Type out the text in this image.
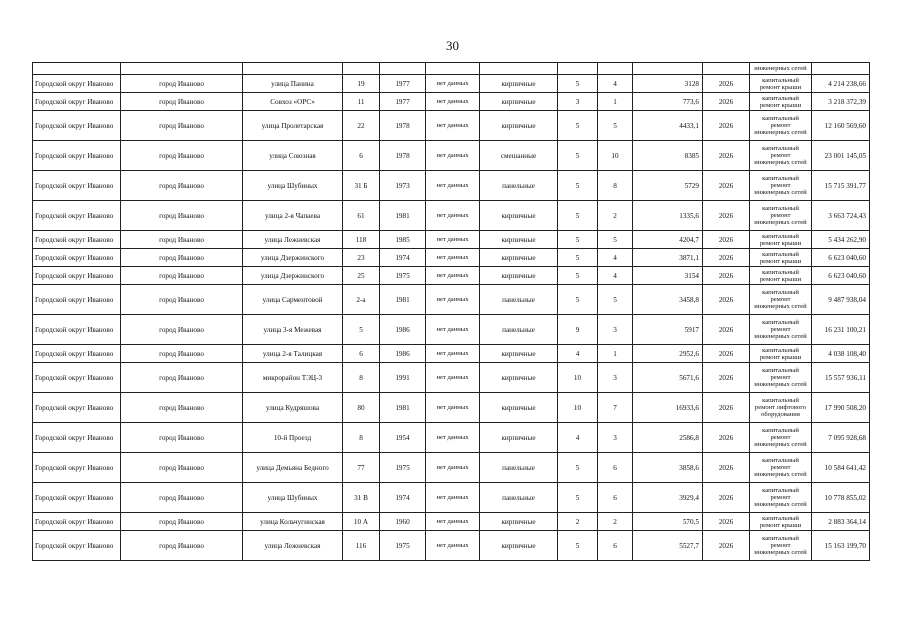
30
											инженерных сетей	
Городской округ Иваново	город Иваново	улица Панина	19	1977	нет данных	кирпичные	5	4	3128	2026	капитальный ремонт крыши	4 214 238,66
Городской округ Иваново	город Иваново	Совхоз «ОРС»	11	1977	нет данных	кирпичные	3	1	773,6	2026	капитальный ремонт крыши	3 218 372,39
Городской округ Иваново	город Иваново	улица Пролетарская	22	1978	нет данных	кирпичные	5	5	4433,1	2026	капитальный ремонт инженерных сетей	12 160 569,60
Городской округ Иваново	город Иваново	улица Союзная	6	1978	нет данных	смешанные	5	10	8385	2026	капитальный ремонт инженерных сетей	23 001 145,05
Городской округ Иваново	город Иваново	улица Шубиных	31 Б	1973	нет данных	панельные	5	8	5729	2026	капитальный ремонт инженерных сетей	15 715 391,77
Городской округ Иваново	город Иваново	улица 2-я Чапаева	61	1981	нет данных	кирпичные	5	2	1335,6	2026	капитальный ремонт инженерных сетей	3 663 724,43
Городской округ Иваново	город Иваново	улица Лежневская	118	1985	нет данных	кирпичные	5	5	4204,7	2026	капитальный ремонт крыши	5 434 262,90
Городской округ Иваново	город Иваново	улица Дзержинского	23	1974	нет данных	кирпичные	5	4	3871,1	2026	капитальный ремонт крыши	6 623 040,60
Городской округ Иваново	город Иваново	улица Дзержинского	25	1975	нет данных	кирпичные	5	4	3154	2026	капитальный ремонт крыши	6 623 040,60
Городской округ Иваново	город Иваново	улица Сарментовой	2-а	1981	нет данных	панельные	5	5	3458,8	2026	капитальный ремонт инженерных сетей	9 487 938,04
Городской округ Иваново	город Иваново	улица 3-я Межевая	5	1986	нет данных	панельные	9	3	5917	2026	капитальный ремонт инженерных сетей	16 231 100,21
Городской округ Иваново	город Иваново	улица 2-я Талицкая	6	1986	нет данных	кирпичные	4	1	2952,6	2026	капитальный ремонт крыши	4 038 108,40
Городской округ Иваново	город Иваново	микрорайон ТЭЦ-3	8	1991	нет данных	кирпичные	10	3	5671,6	2026	капитальный ремонт инженерных сетей	15 557 936,11
Городской округ Иваново	город Иваново	улица Кудряшова	80	1981	нет данных	кирпичные	10	7	16933,6	2026	капитальный ремонт лифтового оборудования	17 990 508,20
Городской округ Иваново	город Иваново	10-й Проезд	8	1954	нет данных	кирпичные	4	3	2586,8	2026	капитальный ремонт инженерных сетей	7 095 928,68
Городской округ Иваново	город Иваново	улица Демьяна Бедного	77	1975	нет данных	панельные	5	6	3858,6	2026	капитальный ремонт инженерных сетей	10 584 641,42
Городской округ Иваново	город Иваново	улица Шубиных	31 В	1974	нет данных	панельные	5	6	3929,4	2026	капитальный ремонт инженерных сетей	10 778 855,02
Городской округ Иваново	город Иваново	улица Кольчугинская	10 А	1960	нет данных	кирпичные	2	2	570,5	2026	капитальный ремонт крыши	2 883 364,14
Городской округ Иваново	город Иваново	улица Лежневская	116	1975	нет данных	кирпичные	5	6	5527,7	2026	капитальный ремонт инженерных сетей	15 163 199,70
